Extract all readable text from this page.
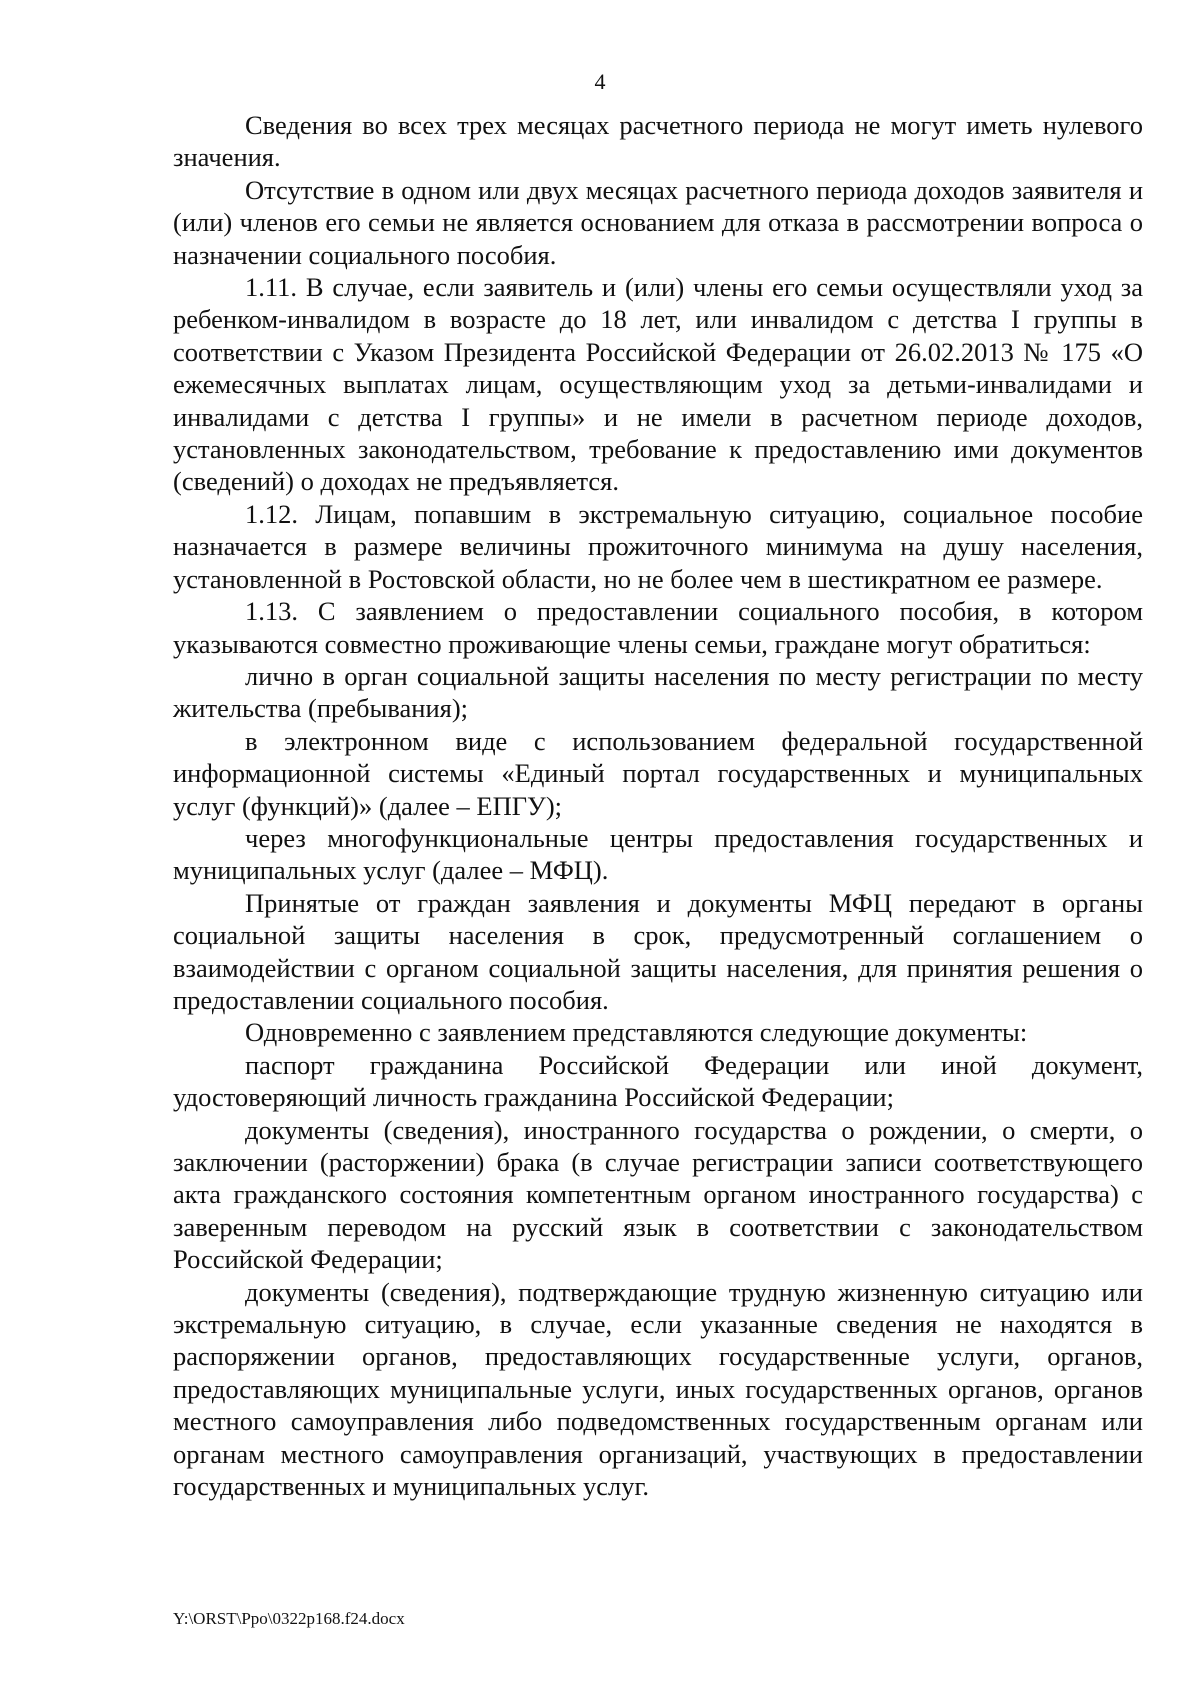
4

Сведения во всех трех месяцах расчетного периода не могут иметь нулевого значения.

Отсутствие в одном или двух месяцах расчетного периода доходов заявителя и (или) членов его семьи не является основанием для отказа в рассмотрении вопроса о назначении социального пособия.

1.11. В случае, если заявитель и (или) члены его семьи осуществляли уход за ребенком-инвалидом в возрасте до 18 лет, или инвалидом с детства I группы в соответствии с Указом Президента Российской Федерации от 26.02.2013 № 175 «О ежемесячных выплатах лицам, осуществляющим уход за детьми-инвалидами и инвалидами с детства I группы» и не имели в расчетном периоде доходов, установленных законодательством, требование к предоставлению ими документов (сведений) о доходах не предъявляется.

1.12. Лицам, попавшим в экстремальную ситуацию, социальное пособие назначается в размере величины прожиточного минимума на душу населения, установленной в Ростовской области, но не более чем в шестикратном ее размере.

1.13. С заявлением о предоставлении социального пособия, в котором указываются совместно проживающие члены семьи, граждане могут обратиться:

лично в орган социальной защиты населения по месту регистрации по месту жительства (пребывания);

в электронном виде с использованием федеральной государственной информационной системы «Единый портал государственных и муниципальных услуг (функций)» (далее – ЕПГУ);

через многофункциональные центры предоставления государственных и муниципальных услуг (далее – МФЦ).

Принятые от граждан заявления и документы МФЦ передают в органы социальной защиты населения в срок, предусмотренный соглашением о взаимодействии с органом социальной защиты населения, для принятия решения о предоставлении социального пособия.

Одновременно с заявлением представляются следующие документы:

паспорт гражданина Российской Федерации или иной документ, удостоверяющий личность гражданина Российской Федерации;

документы (сведения), иностранного государства о рождении, о смерти, о заключении (расторжении) брака (в случае регистрации записи соответствующего акта гражданского состояния компетентным органом иностранного государства) с заверенным переводом на русский язык в соответствии с законодательством Российской Федерации;

документы (сведения), подтверждающие трудную жизненную ситуацию или экстремальную ситуацию, в случае, если указанные сведения не находятся в распоряжении органов, предоставляющих государственные услуги, органов, предоставляющих муниципальные услуги, иных государственных органов, органов местного самоуправления либо подведомственных государственным органам или органам местного самоуправления организаций, участвующих в предоставлении государственных и муниципальных услуг.

Y:\ORST\Ppo\0322p168.f24.docx
